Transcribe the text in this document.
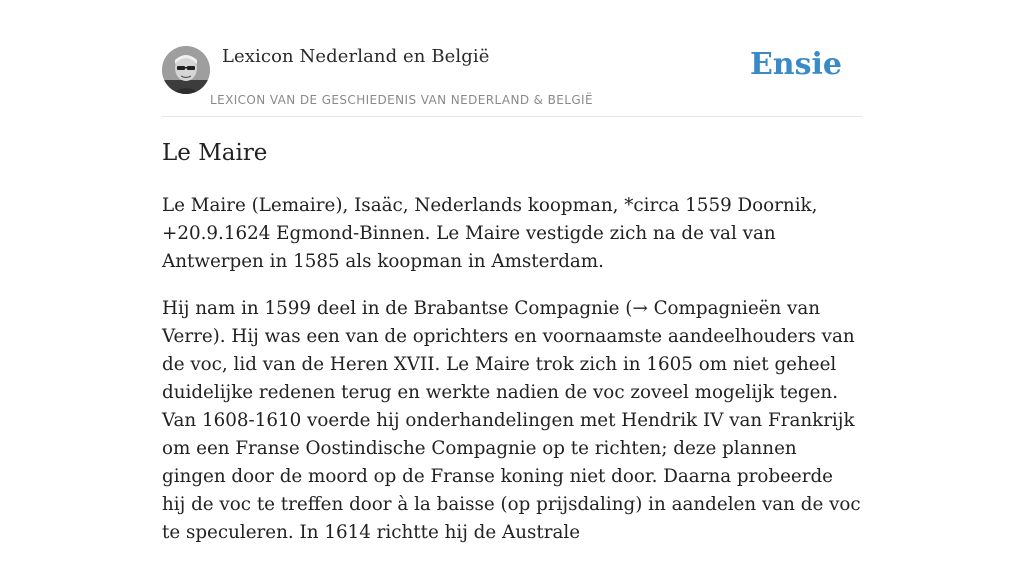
Lexicon Nederland en België
LEXICON VAN DE GESCHIEDENIS VAN NEDERLAND & BELGIË
Ensie
Le Maire

Le Maire (Lemaire), Isaäc, Nederlands koopman, *circa 1559 Doornik, +20.9.1624 Egmond-Binnen. Le Maire vestigde zich na de val van Antwerpen in 1585 als koopman in Amsterdam.

Hij nam in 1599 deel in de Brabantse Compagnie (→ Compagnieën van Verre). Hij was een van de oprichters en voornaamste aandeelhouders van de voc, lid van de Heren XVII. Le Maire trok zich in 1605 om niet geheel duidelijke redenen terug en werkte nadien de voc zoveel mogelijk tegen. Van 1608-1610 voerde hij onderhandelingen met Hendrik IV van Frankrijk om een Franse Oostindische Compagnie op te richten; deze plannen gingen door de moord op de Franse koning niet door. Daarna probeerde hij de voc te treffen door à la baisse (op prijsdaling) in aandelen van de voc te speculeren. In 1614 richtte hij de Australe
